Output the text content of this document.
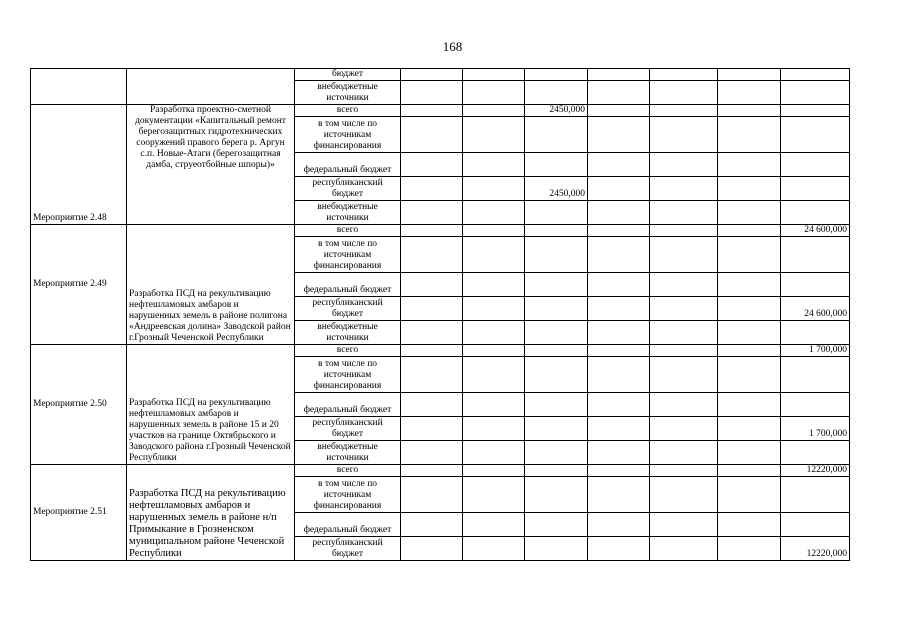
168
		бюджет							
		внебюджетные источники							
Мероприятие 2.48	Разработка проектно-сметной документации «Капитальный ремонт берегозащитных гидротехнических сооружений правого берега р. Аргун с.п. Новые-Атаги (берегозащитная дамба, струеотбойные шпоры)»	всего			2450,000				
		в том числе по источникам финансирования							
		федеральный бюджет							
		республиканский бюджет			2450,000				
		внебюджетные источники							
Мероприятие 2.49	Разработка ПСД на рекультивацию нефтешламовых амбаров и нарушенных земель в районе полигона «Андреевская долина» Заводской район г.Грозный Чеченской Республики	всего							24 600,000
		в том числе по источникам финансирования							
		федеральный бюджет							
		республиканский бюджет							24 600,000
		внебюджетные источники							
Мероприятие 2.50	Разработка ПСД на рекультивацию нефтешламовых амбаров и нарушенных земель в районе 15 и 20 участков на границе Октябрьского и Заводского района г.Грозный Чеченской Республики	всего							1 700,000
		в том числе по источникам финансирования							
		федеральный бюджет							
		республиканский бюджет							1 700,000
		внебюджетные источники							
Мероприятие 2.51	Разработка ПСД на рекультивацию нефтешламовых амбаров и нарушенных земель в районе н/п Примыкание в Грозненском муниципальном районе Чеченской Республики	всего							12220,000
		в том числе по источникам финансирования							
		федеральный бюджет							
		республиканский бюджет							12220,000
